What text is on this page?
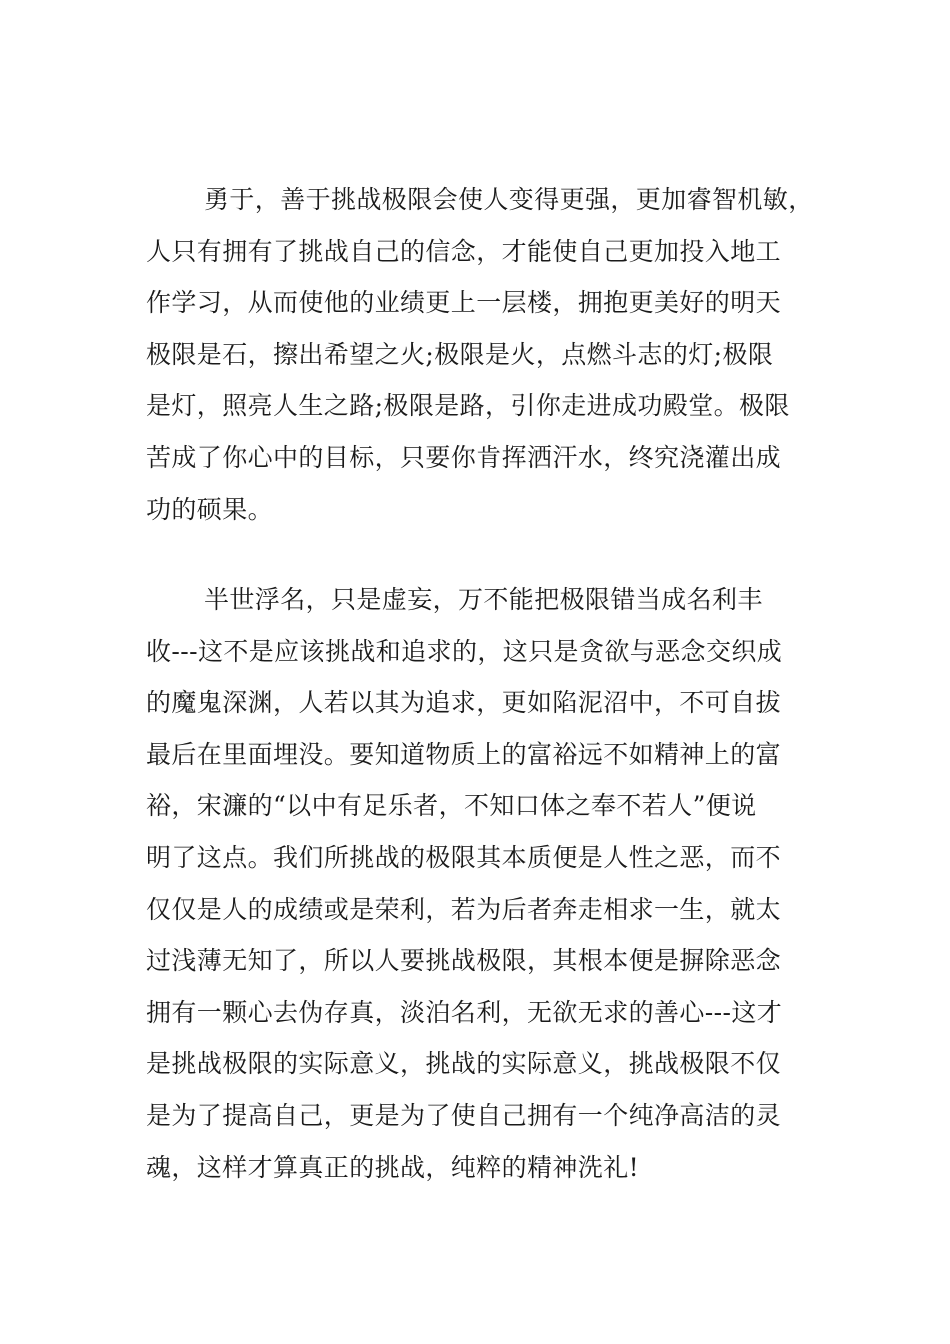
勇于，善于挑战极限会使人变得更强，更加睿智机敏，
人只有拥有了挑战自己的信念，才能使自己更加投入地工
作学习，从而使他的业绩更上一层楼，拥抱更美好的明天
极限是石，擦出希望之火;极限是火，点燃斗志的灯;极限
是灯，照亮人生之路;极限是路，引你走进成功殿堂。极限
苦成了你心中的目标，只要你肯挥洒汗水，终究浇灌出成
功的硕果。
半世浮名，只是虚妄，万不能把极限错当成名利丰
收---这不是应该挑战和追求的，这只是贪欲与恶念交织成
的魔鬼深渊，人若以其为追求，更如陷泥沼中，不可自拔
最后在里面埋没。要知道物质上的富裕远不如精神上的富
裕，宋濂的“以中有足乐者，不知口体之奉不若人”便说
明了这点。我们所挑战的极限其本质便是人性之恶，而不
仅仅是人的成绩或是荣利，若为后者奔走相求一生，就太
过浅薄无知了，所以人要挑战极限，其根本便是摒除恶念
拥有一颗心去伪存真，淡泊名利，无欲无求的善心---这才
是挑战极限的实际意义，挑战的实际意义，挑战极限不仅
是为了提高自己，更是为了使自己拥有一个纯净高洁的灵
魂，这样才算真正的挑战，纯粹的精神洗礼!
